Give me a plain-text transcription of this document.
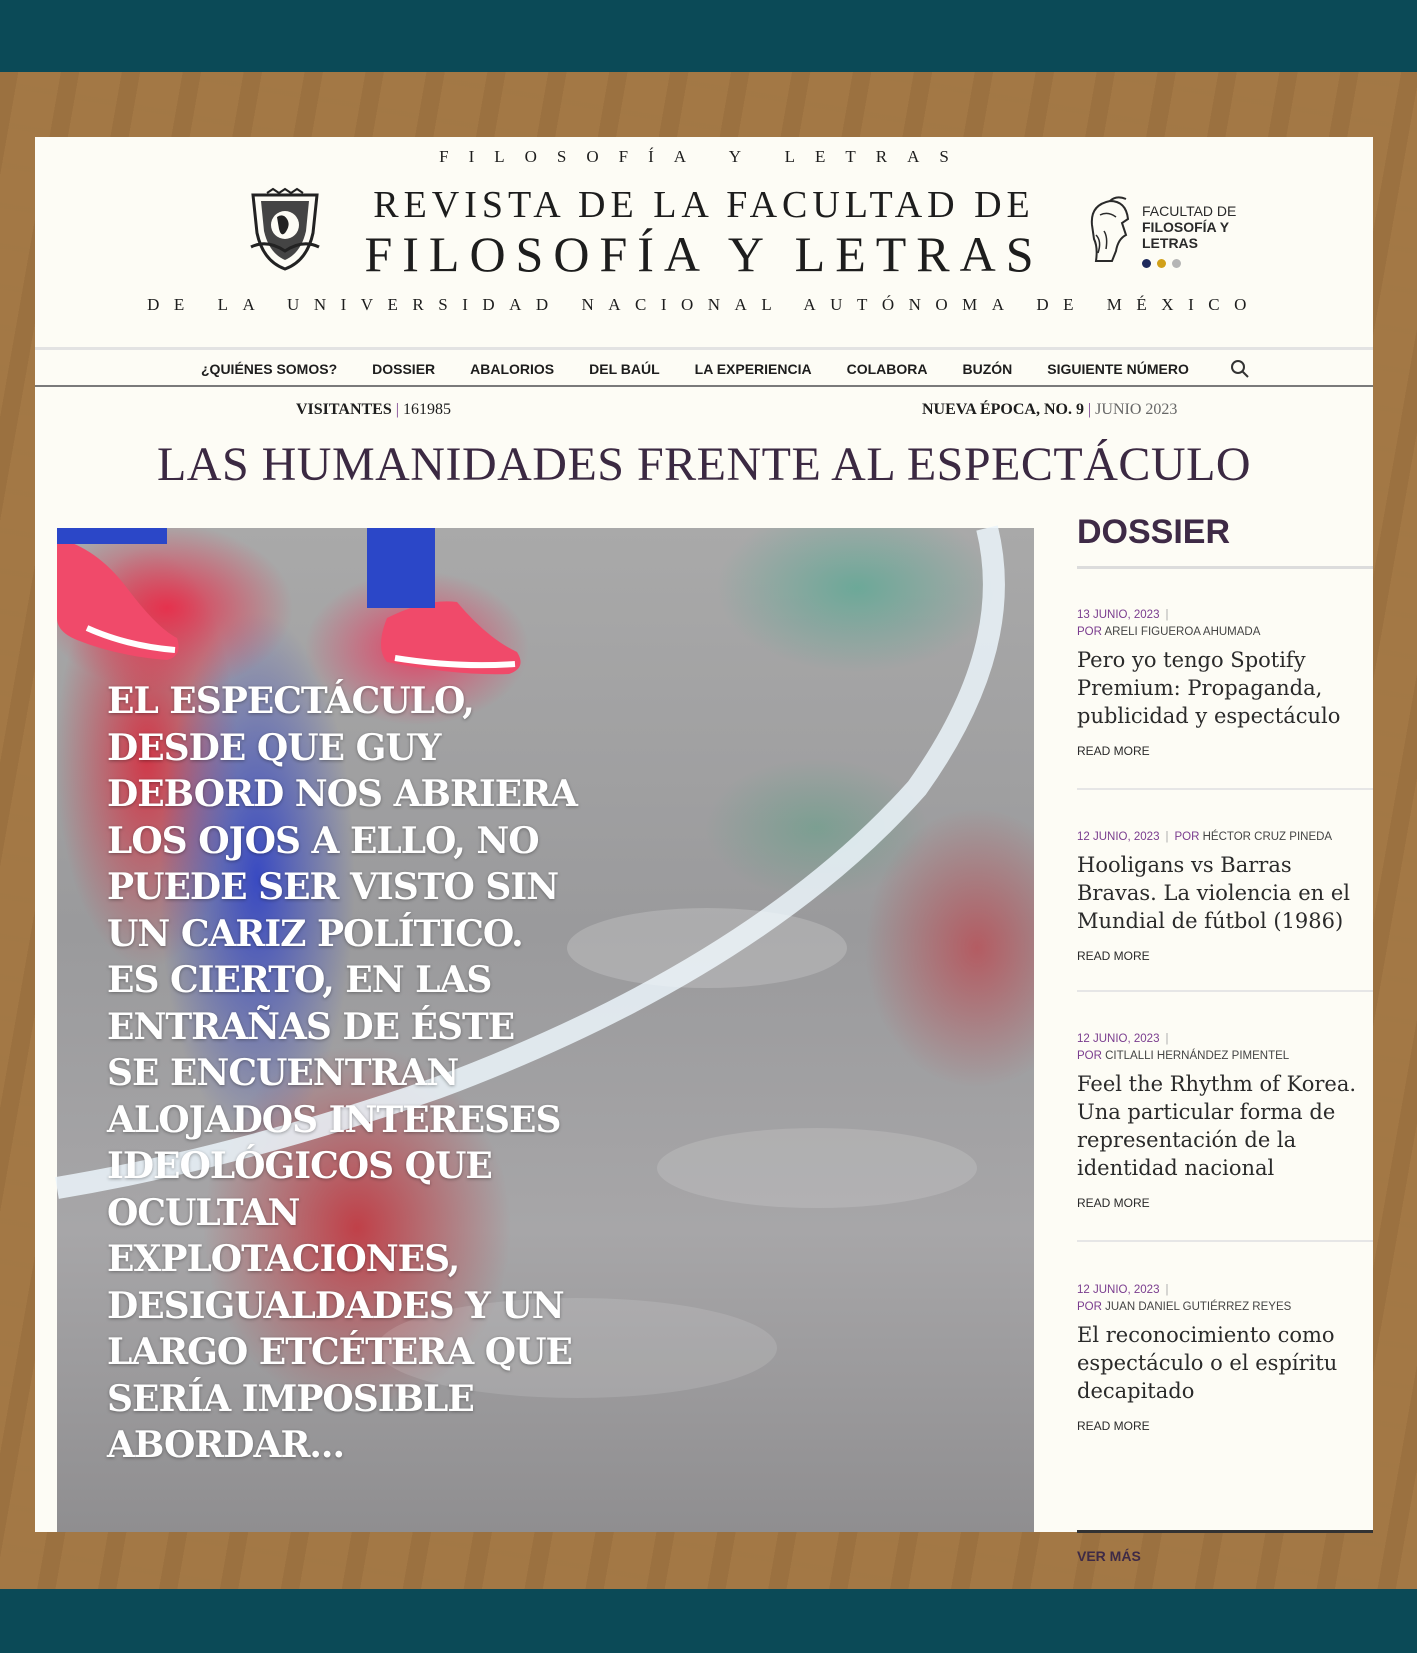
FILOSOFÍA Y LETRAS
REVISTA DE LA FACULTAD DE
FILOSOFÍA Y LETRAS
DE LA UNIVERSIDAD NACIONAL AUTÓNOMA DE MÉXICO
FACULTAD DE
FILOSOFÍA Y
LETRAS
¿QUIÉNES SOMOS?	DOSSIER	ABALORIOS	DEL BAÚL	LA EXPERIENCIA	COLABORA	BUZÓN	SIGUIENTE NÚMERO
VISITANTES | 161985	NUEVA ÉPOCA, NO. 9 | JUNIO 2023
LAS HUMANIDADES FRENTE AL ESPECTÁCULO
EL ESPECTÁCULO, DESDE QUE GUY DEBORD NOS ABRIERA LOS OJOS A ELLO, NO PUEDE SER VISTO SIN UN CARIZ POLÍTICO. ES CIERTO, EN LAS ENTRAÑAS DE ÉSTE SE ENCUENTRAN ALOJADOS INTERESES IDEOLÓGICOS QUE OCULTAN EXPLOTACIONES, DESIGUALDADES Y UN LARGO ETCÉTERA QUE SERÍA IMPOSIBLE ABORDAR...
DOSSIER
13 JUNIO, 2023 |
POR ARELI FIGUEROA AHUMADA
Pero yo tengo Spotify Premium: Propaganda, publicidad y espectáculo
READ MORE
12 JUNIO, 2023 | POR HÉCTOR CRUZ PINEDA
Hooligans vs Barras Bravas. La violencia en el Mundial de fútbol (1986)
READ MORE
12 JUNIO, 2023 |
POR CITLALLI HERNÁNDEZ PIMENTEL
Feel the Rhythm of Korea. Una particular forma de representación de la identidad nacional
READ MORE
12 JUNIO, 2023 |
POR JUAN DANIEL GUTIÉRREZ REYES
El reconocimiento como espectáculo o el espíritu decapitado
READ MORE
VER MÁS
